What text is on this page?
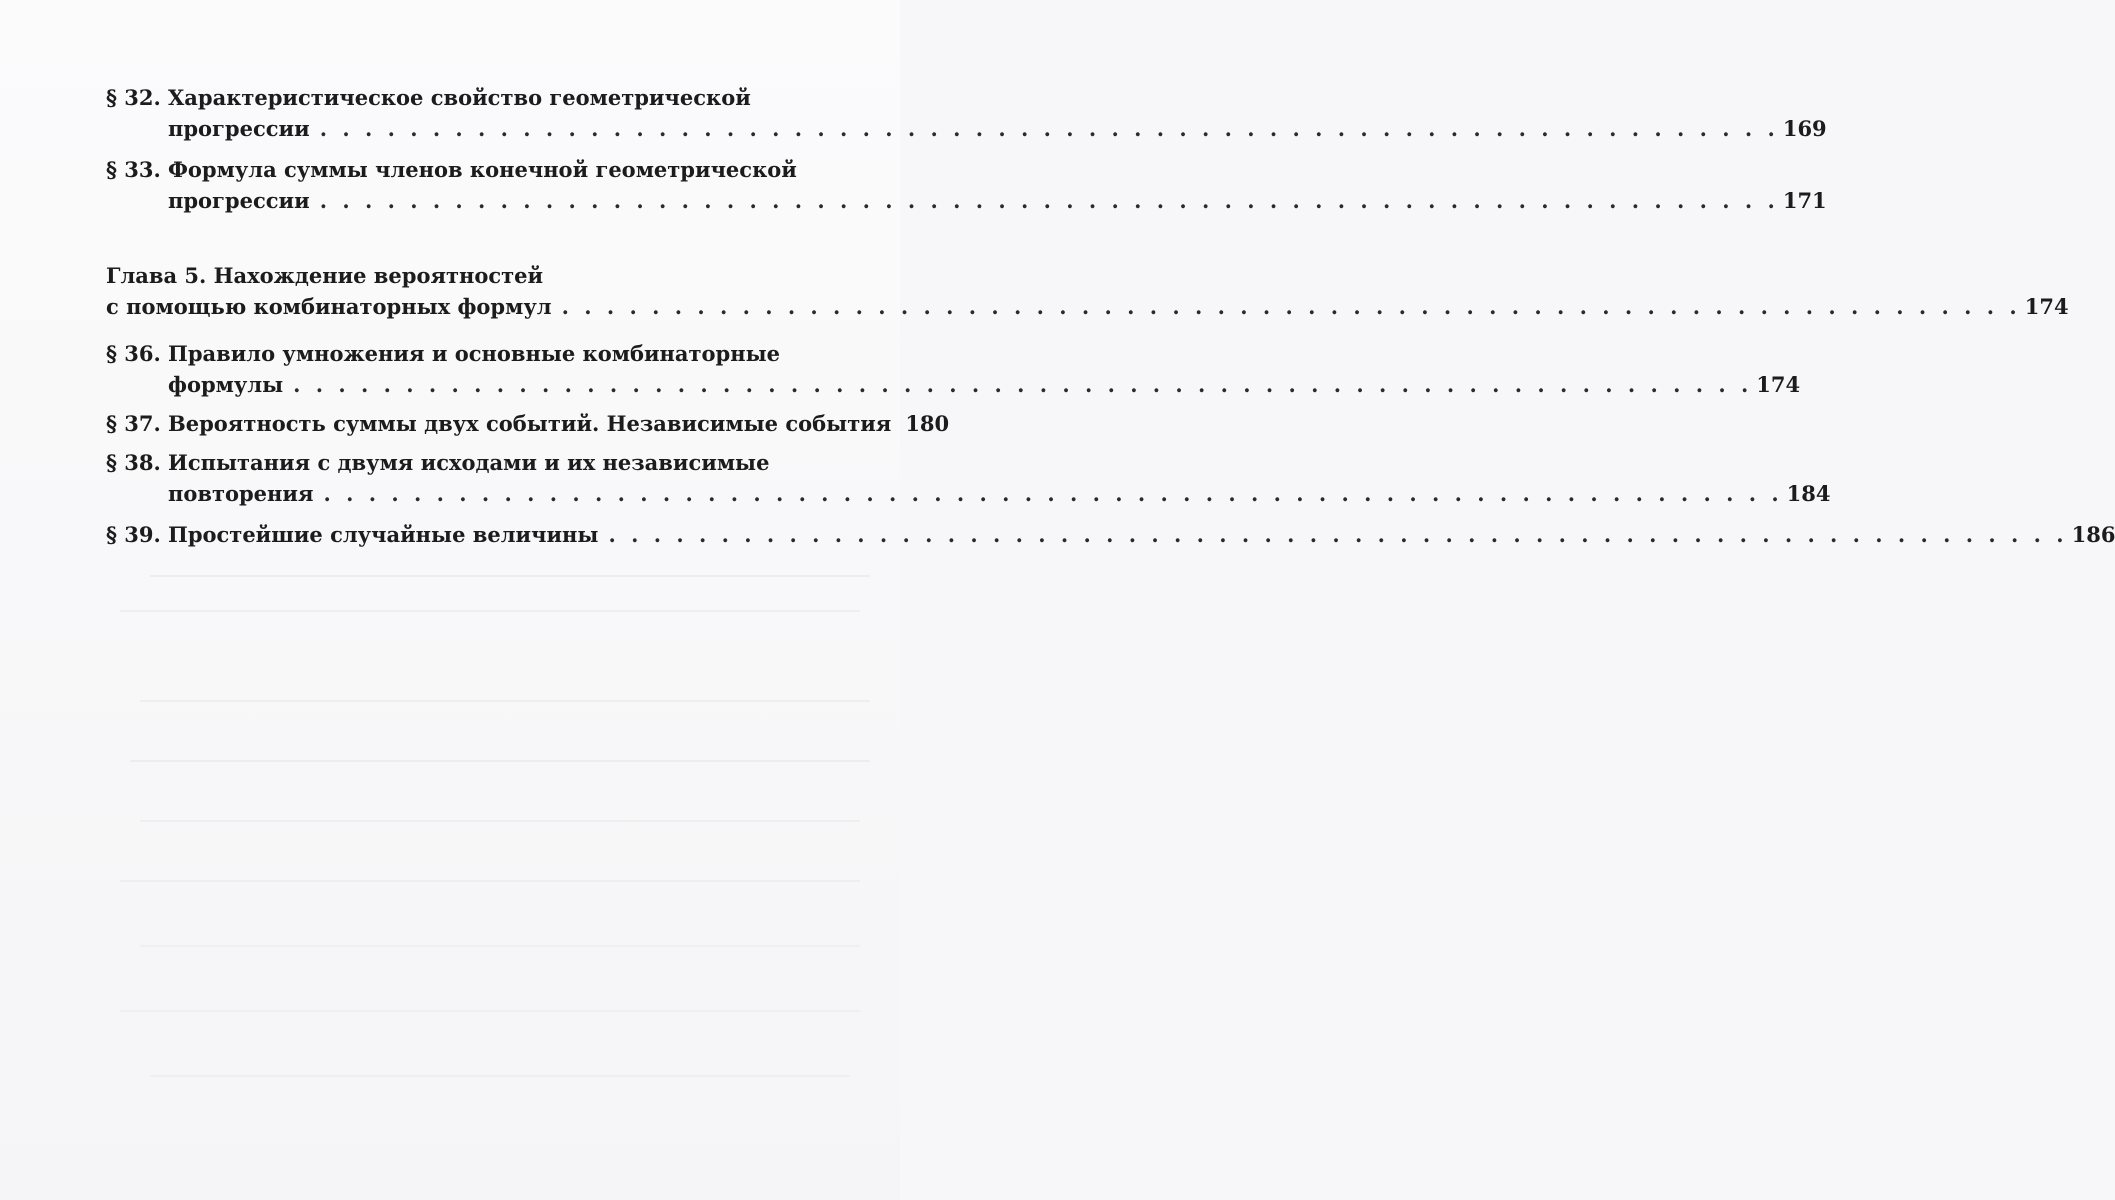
§ 32. Характеристическое свойство геометрической
прогрессии . . . . . . . . . . . . . . . . . . . . . . . . . . . . . . . . . . . . . . . . . . . . . . . . . . . . . . . . . . . . . . . . . 169
§ 33. Формула суммы членов конечной геометрической
прогрессии . . . . . . . . . . . . . . . . . . . . . . . . . . . . . . . . . . . . . . . . . . . . . . . . . . . . . . . . . . . . . . . . . 171
Глава 5. Нахождение вероятностей
с помощью комбинаторных формул . . . . . . . . . . . . . . . . . . . . . . . . . . . . . . . . . . . . . . . . . . . . . . . . . . . . . . . . . . . . . . . . . 174
§ 36. Правило умножения и основные комбинаторные
формулы . . . . . . . . . . . . . . . . . . . . . . . . . . . . . . . . . . . . . . . . . . . . . . . . . . . . . . . . . . . . . . . . . 174
§ 37. Вероятность суммы двух событий. Независимые события 180
§ 38. Испытания с двумя исходами и их независимые
повторения . . . . . . . . . . . . . . . . . . . . . . . . . . . . . . . . . . . . . . . . . . . . . . . . . . . . . . . . . . . . . . . . . 184
§ 39. Простейшие случайные величины . . . . . . . . . . . . . . . . . . . . . . . . . . . . . . . . . . . . . . . . . . . . . . . . . . . . . . . . . . . . . . . . . 186
